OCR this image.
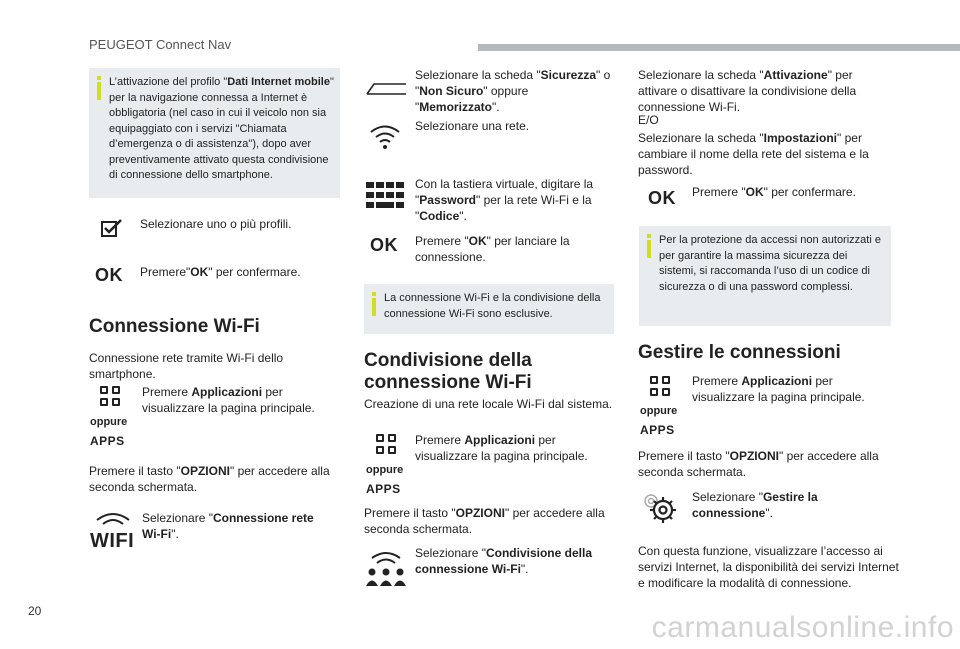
PEUGEOT Connect Nav
L’attivazione del profilo "Dati Internet mobile" per la navigazione connessa a Internet è obbligatoria (nel caso in cui il veicolo non sia equipaggiato con i servizi "Chiamata d’emergenza o di assistenza"), dopo aver preventivamente attivato questa condivisione di connessione dello smartphone.
Selezionare uno o più profili.
OK Premere"OK" per confermare.
Connessione Wi-Fi
Connessione rete tramite Wi-Fi dello smartphone.
oppure
APPS
Premere Applicazioni per visualizzare la pagina principale.
Premere il tasto "OPZIONI" per accedere alla seconda schermata.
WIFI
Selezionare "Connessione rete Wi-Fi".
Selezionare la scheda "Sicurezza" o "Non Sicuro" oppure "Memorizzato".
Selezionare una rete.
Con la tastiera virtuale, digitare la "Password" per la rete Wi-Fi e la "Codice".
OK Premere "OK" per lanciare la connessione.
La connessione Wi-Fi e la condivisione della connessione Wi-Fi sono esclusive.
Condivisione della
connessione Wi-Fi
Creazione di una rete locale Wi-Fi dal sistema.
oppure
APPS
Premere Applicazioni per visualizzare la pagina principale.
Premere il tasto "OPZIONI" per accedere alla seconda schermata.
Selezionare "Condivisione della connessione Wi-Fi".
Selezionare la scheda "Attivazione" per attivare o disattivare la condivisione della connessione Wi-Fi.
E/O
Selezionare la scheda "Impostazioni" per cambiare il nome della rete del sistema e la password.
OK Premere "OK" per confermare.
Per la protezione da accessi non autorizzati e per garantire la massima sicurezza dei sistemi, si raccomanda l’uso di un codice di sicurezza o di una password complessi.
Gestire le connessioni
oppure
APPS
Premere Applicazioni per visualizzare la pagina principale.
Premere il tasto "OPZIONI" per accedere alla seconda schermata.
Selezionare "Gestire la connessione".
Con questa funzione, visualizzare l’accesso ai servizi Internet, la disponibilità dei servizi Internet e modificare la modalità di connessione.
20	carmanualsonline.info
